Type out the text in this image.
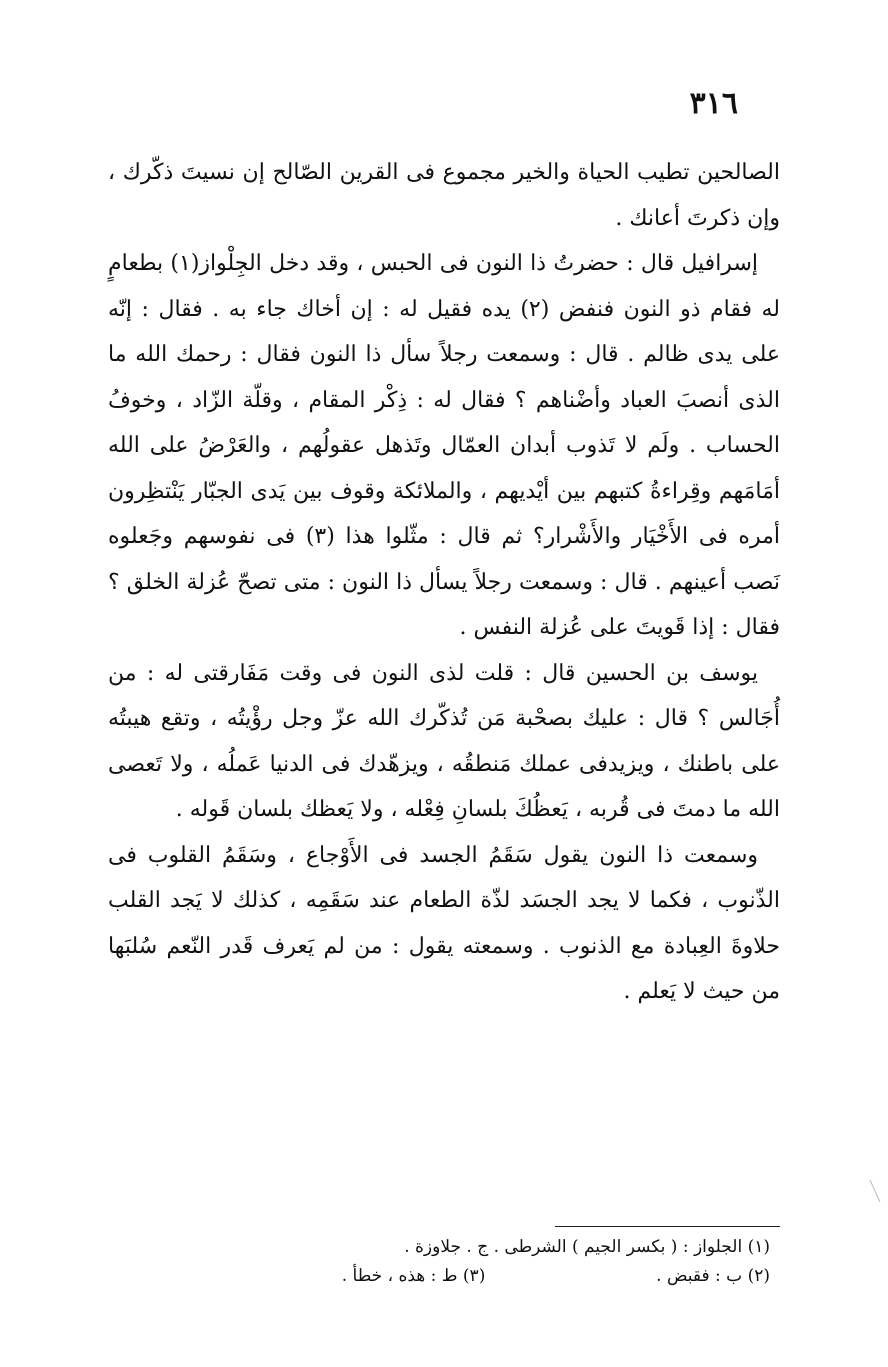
٣١٦

الصالحين تطيب الحياة والخير مجموع فى القرين الصّالح إن نسيتَ ذكّرك ، وإن ذكرتَ أعانك .

إسرافيل قال : حضرتُ ذا النون فى الحبس ، وقد دخل الجِلْواز(١) بطعامٍ له فقام ذو النون فنفض (٢) يده فقيل له : إن أخاك جاء به . فقال : إنّه على يدى ظالم . قال : وسمعت رجلاً سأل ذا النون فقال : رحمك الله ما الذى أنصبَ العباد وأضْناهم ؟ فقال له : ذِكْر المقام ، وقلّة الزّاد ، وخوفُ الحساب . ولَم لا تَذوب أبدان العمّال وتَذهل عقولُهم ، والعَرْضُ على الله أمَامَهم وقِراءةُ كتبهم بين أيْديهم ، والملائكة وقوف بين يَدى الجبّار يَنْتظِرون أمره فى الأَخْيَار والأَشْرار؟ ثم قال : مثّلوا هذا (٣) فى نفوسهم وجَعلوه نَصب أعينهم . قال : وسمعت رجلاً يسأل ذا النون : متى تصحّ عُزلة الخلق ؟ فقال : إذا قَويتَ على عُزلة النفس .

يوسف بن الحسين قال : قلت لذى النون فى وقت مَفَارقتى له : من أُجَالس ؟ قال : عليك بصحْبة مَن تُذكّرك الله عزّ وجل رؤْيتُه ، وتقع هيبتُه على باطنك ، ويزيدفى عملك مَنطقُه ، ويزهّدك فى الدنيا عَملُه ، ولا تَعصى الله ما دمتَ فى قُربه ، يَعظُكَ بلسانِ فِعْله ، ولا يَعظك بلسان قَوله .

وسمعت ذا النون يقول سَقَمُ الجسد فى الأَوْجاع ، وسَقَمُ القلوب فى الذّنوب ، فكما لا يجد الجسَد لذّة الطعام عند سَقَمِه ، كذلك لا يَجد القلب حلاوةَ العِبادة مع الذنوب . وسمعته يقول : من لم يَعرف قَدر النّعم سُلبَها من حيث لا يَعلم .

(١) الجلواز : ( بكسر الجيم ) الشرطى . ج . جلاوزة .
(٢) ب : فقبض .  (٣) ط : هذه ، خطأ .
